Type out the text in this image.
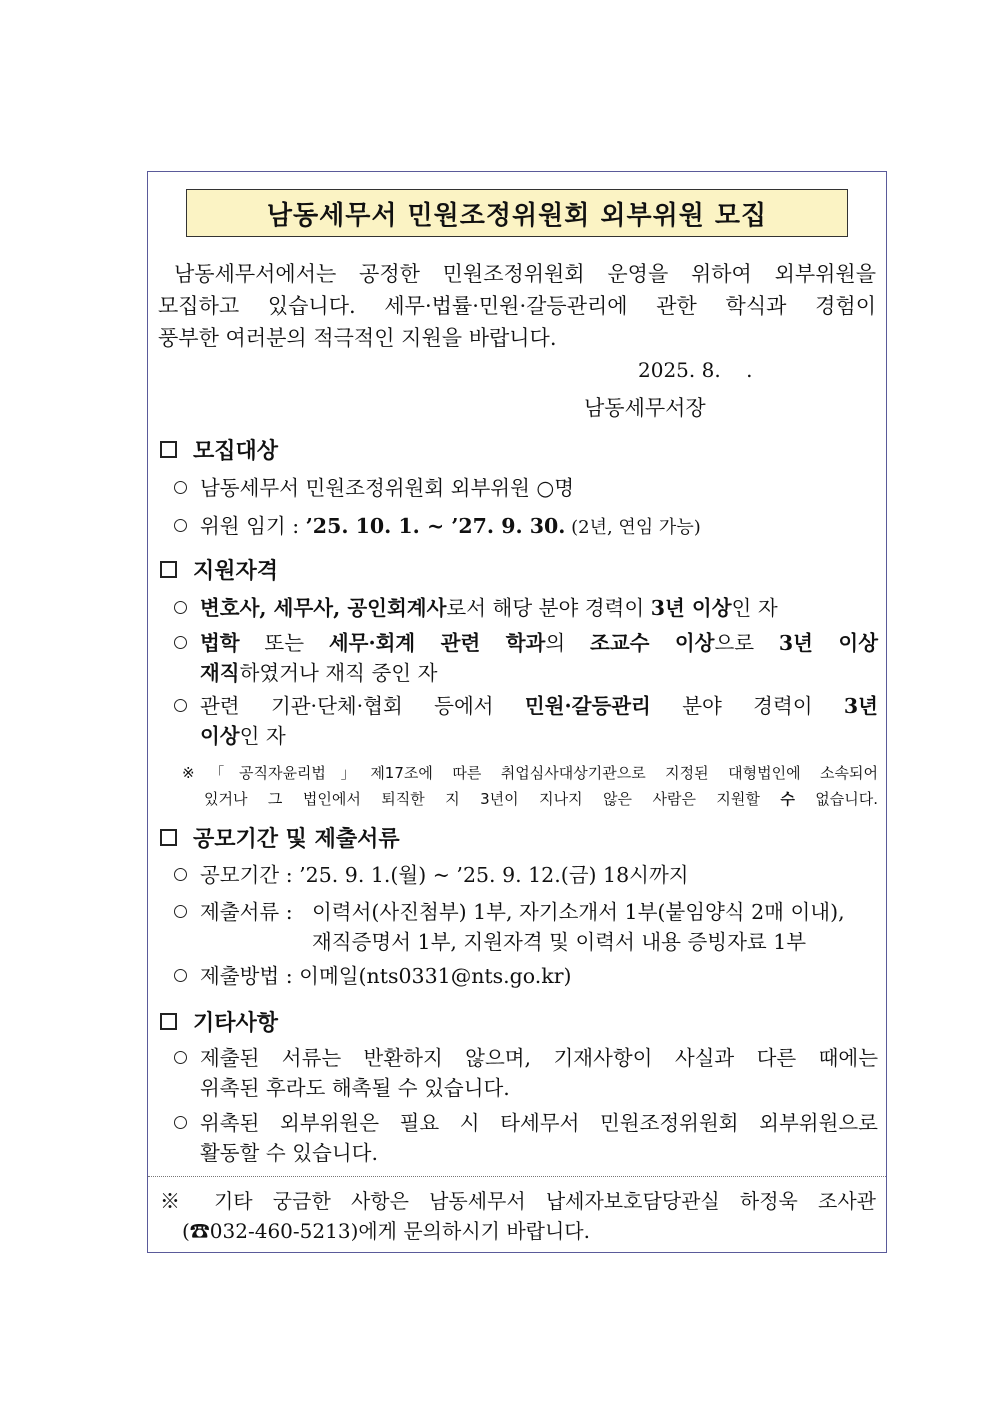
남동세무서 민원조정위원회 외부위원 모집
남동세무서에서는 공정한 민원조정위원회 운영을 위하여 외부위원을
모집하고 있습니다. 세무·법률·민원·갈등관리에 관한 학식과 경험이
풍부한 여러분의 적극적인 지원을 바랍니다.
2025. 8.    .
남동세무서장
모집대상
남동세무서 민원조정위원회 외부위원 ○명
위원 임기 : ’25. 10. 1. ~ ’27. 9. 30. (2년, 연임 가능)
지원자격
변호사, 세무사, 공인회계사로서 해당 분야 경력이 3년 이상인 자
법학 또는 세무·회계 관련 학과의 조교수 이상으로 3년 이상
재직하였거나 재직 중인 자
관련 기관·단체·협회 등에서 민원·갈등관리 분야 경력이 3년
이상인 자
※「공직자윤리법」제17조에 따른 취업심사대상기관으로 지정된 대형법인에 소속되어
있거나 그 법인에서 퇴직한 지 3년이 지나지 않은 사람은 지원할 수 없습니다.
공모기간 및 제출서류
공모기간 : ’25. 9. 1.(월) ~ ’25. 9. 12.(금) 18시까지
제출서류 :이력서(사진첨부) 1부, 자기소개서 1부(붙임양식 2매 이내),
재직증명서 1부, 지원자격 및 이력서 내용 증빙자료 1부
제출방법 : 이메일(nts0331@nts.go.kr)
기타사항
제출된 서류는 반환하지 않으며, 기재사항이 사실과 다른 때에는
위촉된 후라도 해촉될 수 있습니다.
위촉된 외부위원은 필요 시 타세무서 민원조정위원회 외부위원으로
활동할 수 있습니다.
※ 기타 궁금한 사항은 남동세무서 납세자보호담당관실 하정욱 조사관
(☎032-460-5213)에게 문의하시기 바랍니다.
